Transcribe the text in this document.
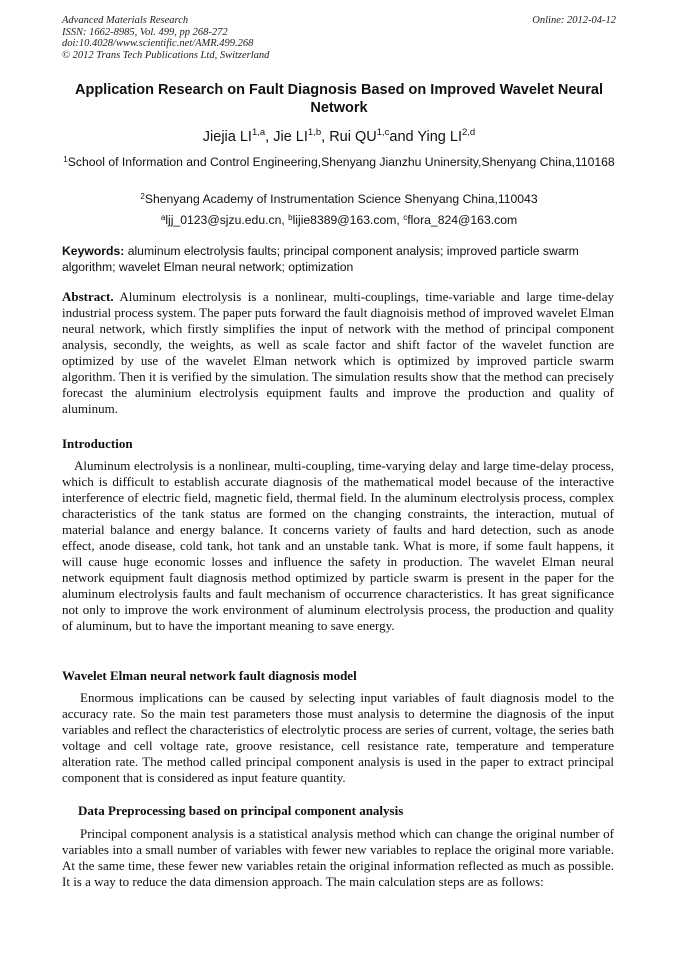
Advanced Materials Research
ISSN: 1662-8985, Vol. 499, pp 268-272
doi:10.4028/www.scientific.net/AMR.499.268
© 2012 Trans Tech Publications Ltd, Switzerland
Online: 2012-04-12
Application Research on Fault Diagnosis Based on Improved Wavelet Neural Network
Jiejia LI$^{1,a}$, Jie LI$^{1,b}$, Rui QU$^{1,c}$and Ying LI$^{2,d}$
$^1$School of Information and Control Engineering,Shenyang Jianzhu Uninersity,Shenyang China,110168
$^2$Shenyang Academy of Instrumentation Science Shenyang China,110043
$^a$ljj_0123@sjzu.edu.cn, $^b$lijie8389@163.com, $^c$flora_824@163.com
Keywords: aluminum electrolysis faults; principal component analysis; improved particle swarm algorithm; wavelet Elman neural network; optimization
Abstract. Aluminum electrolysis is a nonlinear, multi-couplings, time-variable and large time-delay industrial process system. The paper puts forward the fault diagnoisis method of improved wavelet Elman neural network, which firstly simplifies the input of network with the method of principal component analysis, secondly, the weights, as well as scale factor and shift factor of the wavelet function are optimized by use of the wavelet Elman network which is optimized by improved particle swarm algorithm. Then it is verified by the simulation. The simulation results show that the method can precisely forecast the aluminium electrolysis equipment faults and improve the production and quality of aluminum.
Introduction
Aluminum electrolysis is a nonlinear, multi-coupling, time-varying delay and large time-delay process, which is difficult to establish accurate diagnosis of the mathematical model because of the interactive interference of electric field, magnetic field, thermal field. In the aluminum electrolysis process, complex characteristics of the tank status are formed on the changing constraints, the interaction, mutual of material balance and energy balance. It concerns variety of faults and hard detection, such as anode effect, anode disease, cold tank, hot tank and an unstable tank. What is more, if some fault happens, it will cause huge economic losses and influence the safety in production. The wavelet Elman neural network equipment fault diagnosis method optimized by particle swarm is present in the paper for the aluminum electrolysis faults and fault mechanism of occurrence characteristics. It has great significance not only to improve the work environment of aluminum electrolysis process, the production and quality of aluminum, but to have the important meaning to save energy.
Wavelet Elman neural network fault diagnosis model
Enormous implications can be caused by selecting input variables of fault diagnosis model to the accuracy rate. So the main test parameters those must analysis to determine the diagnosis of the input variables and reflect the characteristics of electrolytic process are series of current, voltage, the series bath voltage and cell voltage rate, groove resistance, cell resistance rate, temperature and temperature alteration rate. The method called principal component analysis is used in the paper to extract principal component that is considered as input feature quantity.
Data Preprocessing based on principal component analysis
Principal component analysis is a statistical analysis method which can change the original number of variables into a small number of variables with fewer new variables to replace the original more variable. At the same time, these fewer new variables retain the original information reflected as much as possible. It is a way to reduce the data dimension approach. The main calculation steps are as follows:
